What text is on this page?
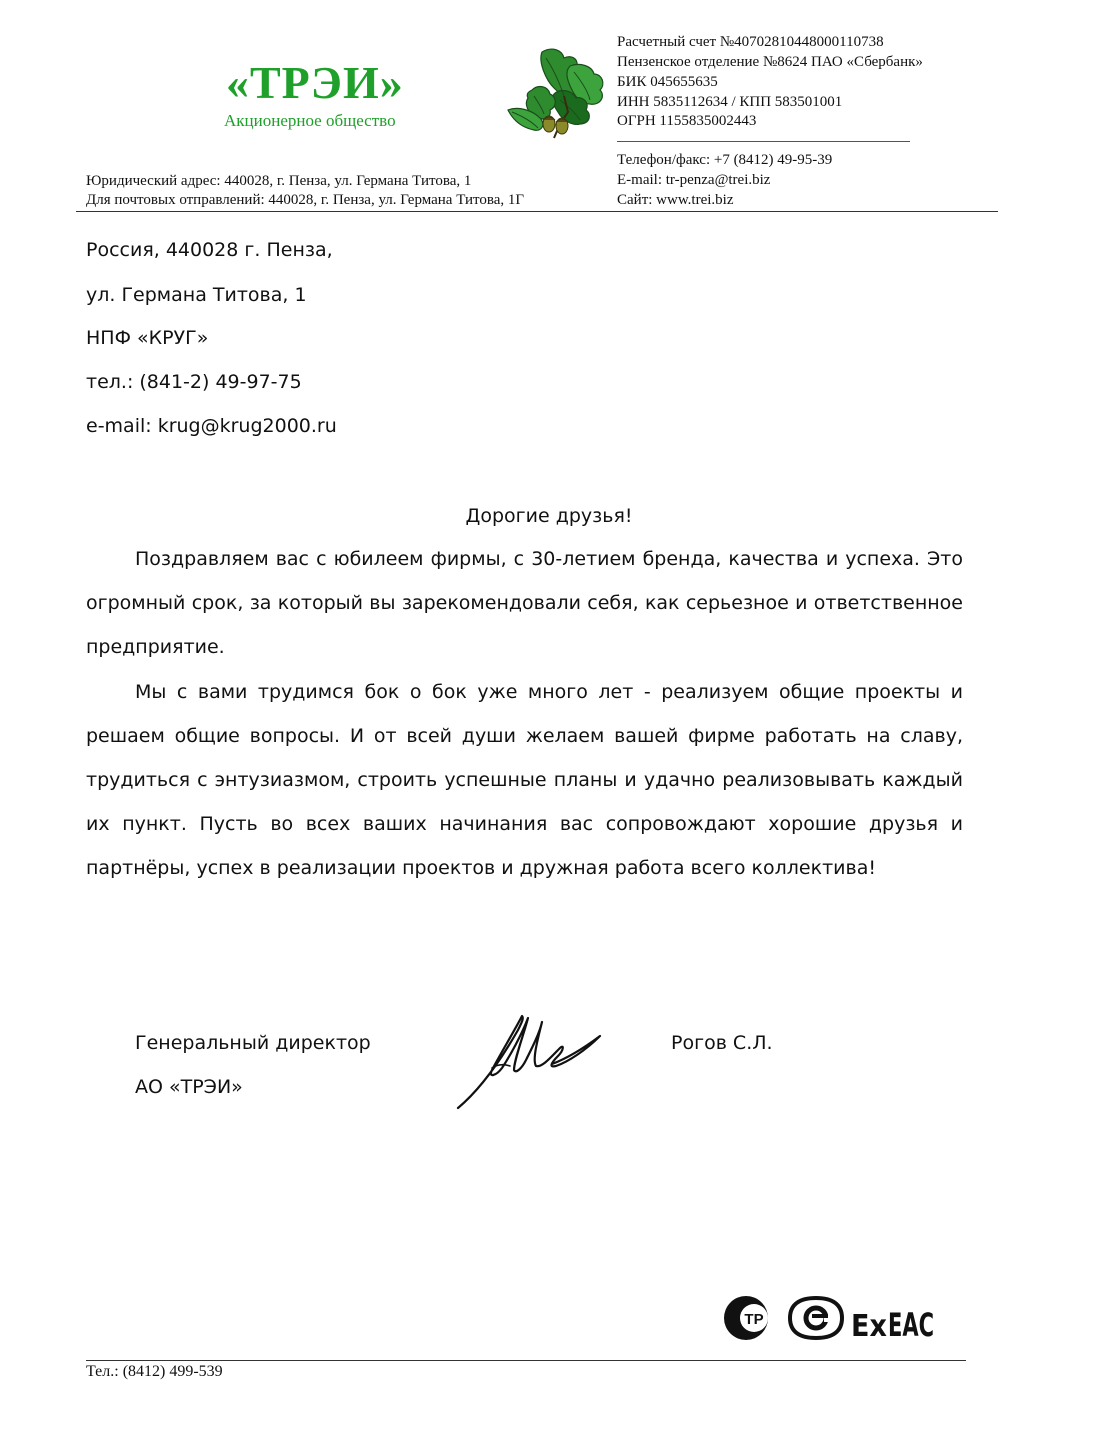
«ТРЭИ»
Акционерное общество
Расчетный счет №40702810448000110738
Пензенское отделение №8624 ПАО «Сбербанк»
БИК 045655635
ИНН 5835112634 / КПП 583501001
ОГРН 1155835002443
Телефон/факс: +7 (8412) 49-95-39
E-mail: tr-penza@trei.biz
Сайт: www.trei.biz
Юридический адрес: 440028, г. Пенза, ул. Германа Титова, 1
Для почтовых отправлений: 440028, г. Пенза, ул. Германа Титова, 1Г
Россия, 440028 г. Пенза,
ул. Германа Титова, 1
НПФ «КРУГ»
тел.: (841-2) 49-97-75
e-mail: krug@krug2000.ru
Дорогие друзья!

Поздравляем вас с юбилеем фирмы, с 30-летием бренда, качества и успеха. Это огромный срок, за который вы зарекомендовали себя, как серьезное и ответственное предприятие.

Мы с вами трудимся бок о бок уже много лет - реализуем общие проекты и решаем общие вопросы. И от всей души желаем вашей фирме работать на славу, трудиться с энтузиазмом, строить успешные планы и удачно реализовывать каждый их пункт. Пусть во всех ваших начинания вас сопровождают хорошие друзья и партнёры, успех в реализации проектов и дружная работа всего коллектива!

Генеральный директор
АО «ТРЭИ»
Рогов С.Л.
ТР	Ex ЕАС
Тел.: (8412) 499-539
